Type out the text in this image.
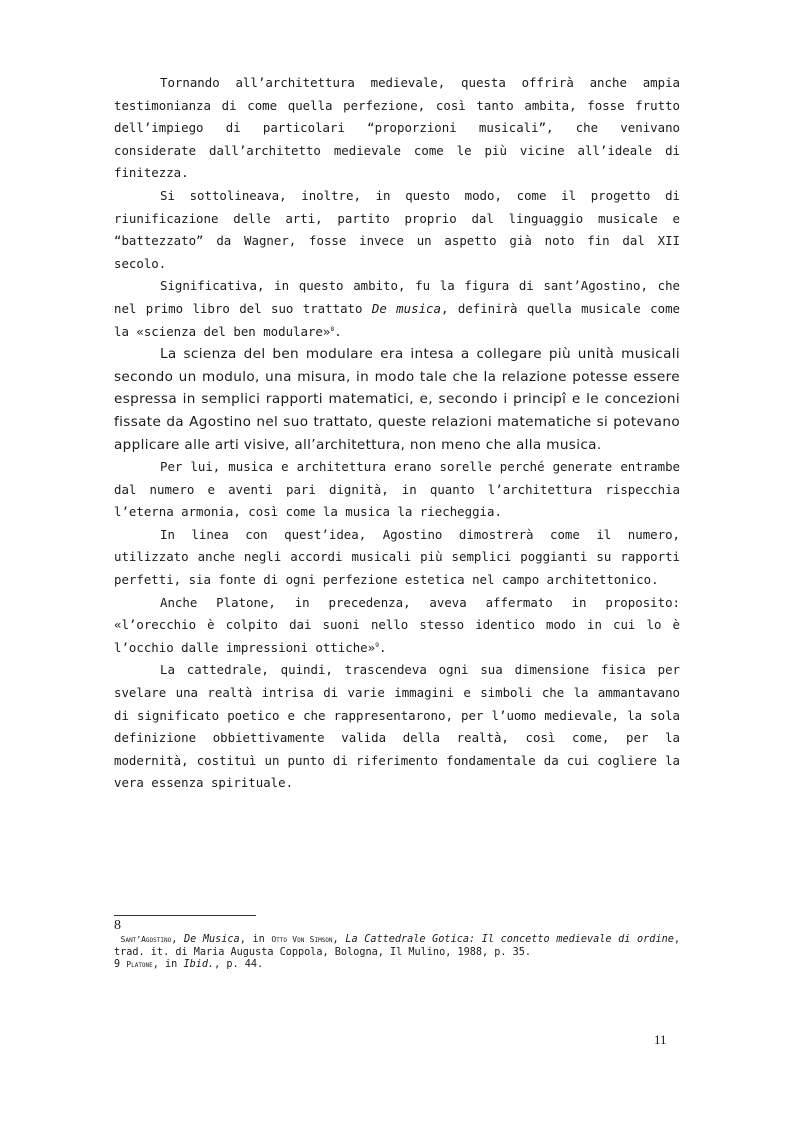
Tornando all’architettura medievale, questa offrirà anche ampia testimonianza di come quella perfezione, così tanto ambita, fosse frutto dell’impiego di particolari “proporzioni musicali”, che venivano considerate dall’architetto medievale come le più vicine all’ideale di finitezza.

Si sottolineava, inoltre, in questo modo, come il progetto di riunificazione delle arti, partito proprio dal linguaggio musicale e “battezzato” da Wagner, fosse invece un aspetto già noto fin dal XII secolo.

Significativa, in questo ambito, fu la figura di sant’Agostino, che nel primo libro del suo trattato De musica, definirà quella musicale come la «scienza del ben modulare»$^8$.

La scienza del ben modulare era intesa a collegare più unità musicali secondo un modulo, una misura, in modo tale che la relazione potesse essere espressa in semplici rapporti matematici, e, secondo i principî e le concezioni fissate da Agostino nel suo trattato, queste relazioni matematiche si potevano applicare alle arti visive, all’architettura, non meno che alla musica.

Per lui, musica e architettura erano sorelle perché generate entrambe dal numero e aventi pari dignità, in quanto l’architettura rispecchia l’eterna armonia, così come la musica la riecheggia.

In linea con quest’idea, Agostino dimostrerà come il numero, utilizzato anche negli accordi musicali più semplici poggianti su rapporti perfetti, sia fonte di ogni perfezione estetica nel campo architettonico.

Anche Platone, in precedenza, aveva affermato in proposito: «l’orecchio è colpito dai suoni nello stesso identico modo in cui lo è l’occhio dalle impressioni ottiche»$^9$.

La cattedrale, quindi, trascendeva ogni sua dimensione fisica per svelare una realtà intrisa di varie immagini e simboli che la ammantavano di significato poetico e che rappresentarono, per l’uomo medievale, la sola definizione obbiettivamente valida della realtà, così come, per la modernità, costituì un punto di riferimento fondamentale da cui cogliere la vera essenza spirituale.

8

Sant’Agostino, De Musica, in Otto Von Simson, La Cattedrale Gotica: Il concetto medievale di ordine, trad. it. di Maria Augusta Coppola, Bologna, Il Mulino, 1988, p. 35.

9 Platone, in Ibid., p. 44.

11
